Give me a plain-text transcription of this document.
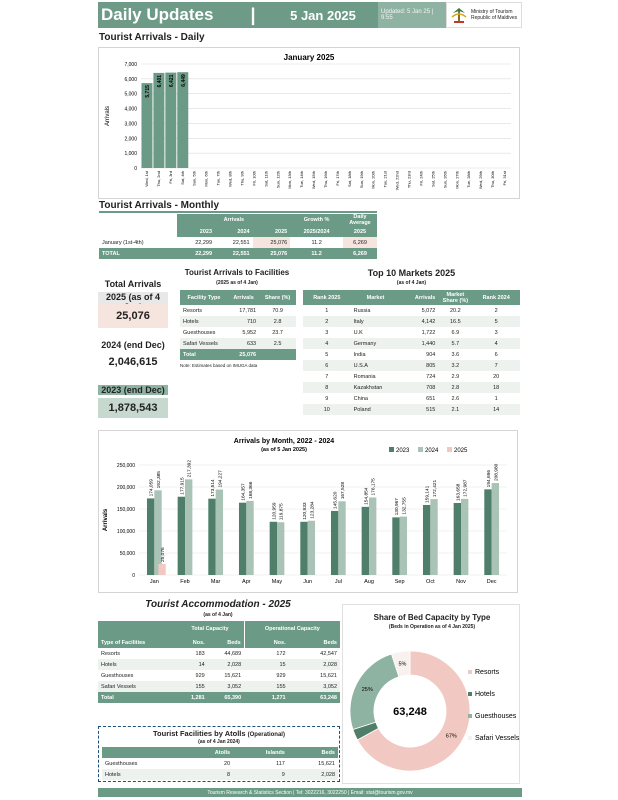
Daily Updates	|	5 Jan 2025	Updated: 5 Jan 25 | 9:55
Ministry of Tourism
Republic of Maldives
Tourist Arrivals - Daily
January 2025
Arrivals
0
1,000
2,000
3,000
4,000
5,000
6,000
7,000
Wed, 1st
5,715
Thu, 2nd
6,401
Fri, 3rd
6,421
Sat, 4th
6,449
Sun, 5th Mon, 6th Tue, 7th Wed, 8th Thu, 9th Fri, 10th Sat, 11th Sun, 12th Mon, 13th Tue, 14th Wed, 15th Thu, 16th Fri, 17th Sat, 18th Sun, 19th Mon, 20th Tue, 21st Wed, 22nd Thu, 23rd Fri, 24th Sat, 25th Sun, 26th Mon, 27th Tue, 28th Wed, 29th Thu, 30th Fri, 31st
Tourist Arrivals - Monthly
	Arrivals			Growth %	Daily Average
	2023	2024	2025	2025/2024	2025
January (1st-4th)	22,299	22,551	25,076	11.2	6,269
TOTAL	22,299	22,551	25,076	11.2	6,269
Total Arrivals
2025 (as of 4
25,076
2024 (end Dec)
2,046,615
2023 (end Dec)
1,878,543
Tourist Arrivals to Facilities
(2025 as of 4 Jan)
Facility Type	Arrivals	Share (%)
Resorts	17,781	70.9
Hotels	710	2.8
Guesthouses	5,952	23.7
Safari Vessels	633	2.5
Total	25,076	
Note: Estimates based on IMUGA data
Top 10 Markets 2025
(as of 4 Jan)
Rank 2025	Market	Arrivals	Market Share (%)	Rank 2024
1	Russia	5,072	20.2	2
2	Italy	4,142	16.5	5
3	U.K	1,722	6.9	3
4	Germany	1,440	5.7	4
5	India	904	3.6	6
6	U.S.A	805	3.2	7
7	Romania	724	2.9	20
8	Kazakhstan	708	2.8	18
9	China	651	2.6	1
10	Poland	515	2.1	14
Arrivals by Month, 2022 - 2024
(as of 5 Jan 2025)	2023	2024	2025
Arrivals
0
50,000
100,000
150,000
200,000
250,000
Jan
174,059 192,385
25,076
Feb
177,915
217,392
Mar
173,514
194,227
Apr
164,357 168,366
May
120,959 119,875
Jun
120,933 123,284
Jul
145,620
167,528
Aug
154,854
176,175
Sep
130,967 132,755
Oct
159,141 172,421
Nov
163,658 172,987
Dec
194,696 208,980
Tourist Accommodation - 2025
(as of 4 Jan)
	Total Capacity		Operational Capacity	
Type of Facilities	Nos.	Beds	Nos.	Beds
Resorts	183	44,689	172	42,547
Hotels	14	2,028	15	2,028
Guesthouses	929	15,621	929	15,621
Safari Vessels	155	3,052	155	3,052
Total	1,281	65,390	1,271	63,248
Share of Bed Capacity by Type
(Beds in Operation as of 4 Jan 2025)
67%
25%
5%
63,248
Resorts
Hotels
Guesthouses
Safari Vessels
Tourist Facilities by Atolls (Operational)
(as of 4 Jan 2024)
	Atolls	Islands	Beds
Guesthouses	20	117	15,621
Hotels	8	9	2,028
Tourism Research & Statistics Section | Tel: 3022216, 3022250 | Email: stat@tourism.gov.mv
